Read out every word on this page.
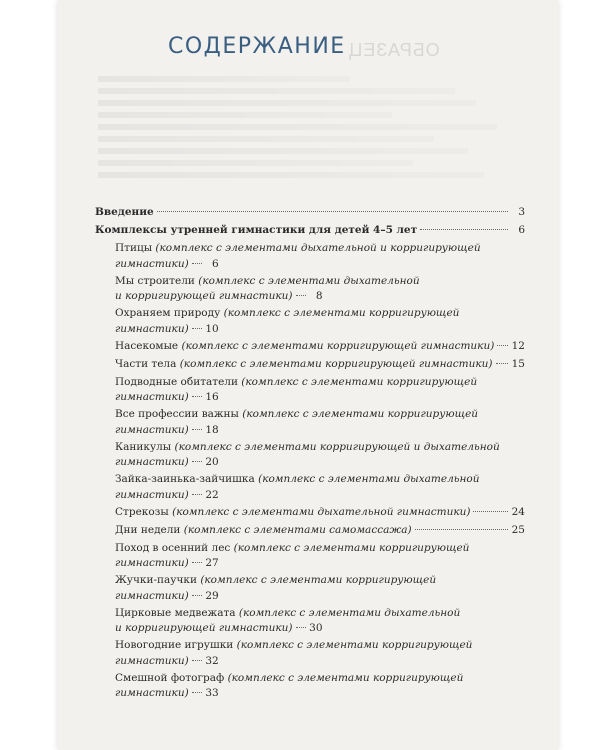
ОБРАЗЕЦ
СОДЕРЖАНИЕ
Введение	3
Комплексы утренней гимнастики для детей 4–5 лет	6
Птицы (комплекс с элементами дыхательной и корригирующей
гимнастики)	6
Мы строители (комплекс с элементами дыхательной
и корригирующей гимнастики)	8
Охраняем природу (комплекс с элементами корригирующей
гимнастики) 10
Насекомые
(комплекс с элементами корригирующей гимнастики) 12
Части тела
(комплекс с элементами корригирующей гимнастики) 15
Подводные обитатели (комплекс с элементами корригирующей
гимнастики) 16
Все профессии важны (комплекс с элементами корригирующей
гимнастики) 18
Каникулы (комплекс с элементами корригирующей и дыхательной
гимнастики) 20
Зайка-заинька-зайчишка (комплекс с элементами дыхательной
гимнастики) 22
Стрекозы
(комплекс с элементами дыхательной гимнастики)	24
Дни недели
(комплекс с элементами самомассажа)	25
Поход в осенний лес (комплекс с элементами корригирующей
гимнастики) 27
Жучки-паучки (комплекс с элементами корригирующей
гимнастики) 29
Цирковые медвежата (комплекс с элементами дыхательной
и корригирующей гимнастики) 30
Новогодние игрушки (комплекс с элементами корригирующей
гимнастики) 32
Смешной фотограф (комплекс с элементами корригирующей
гимнастики) 33
